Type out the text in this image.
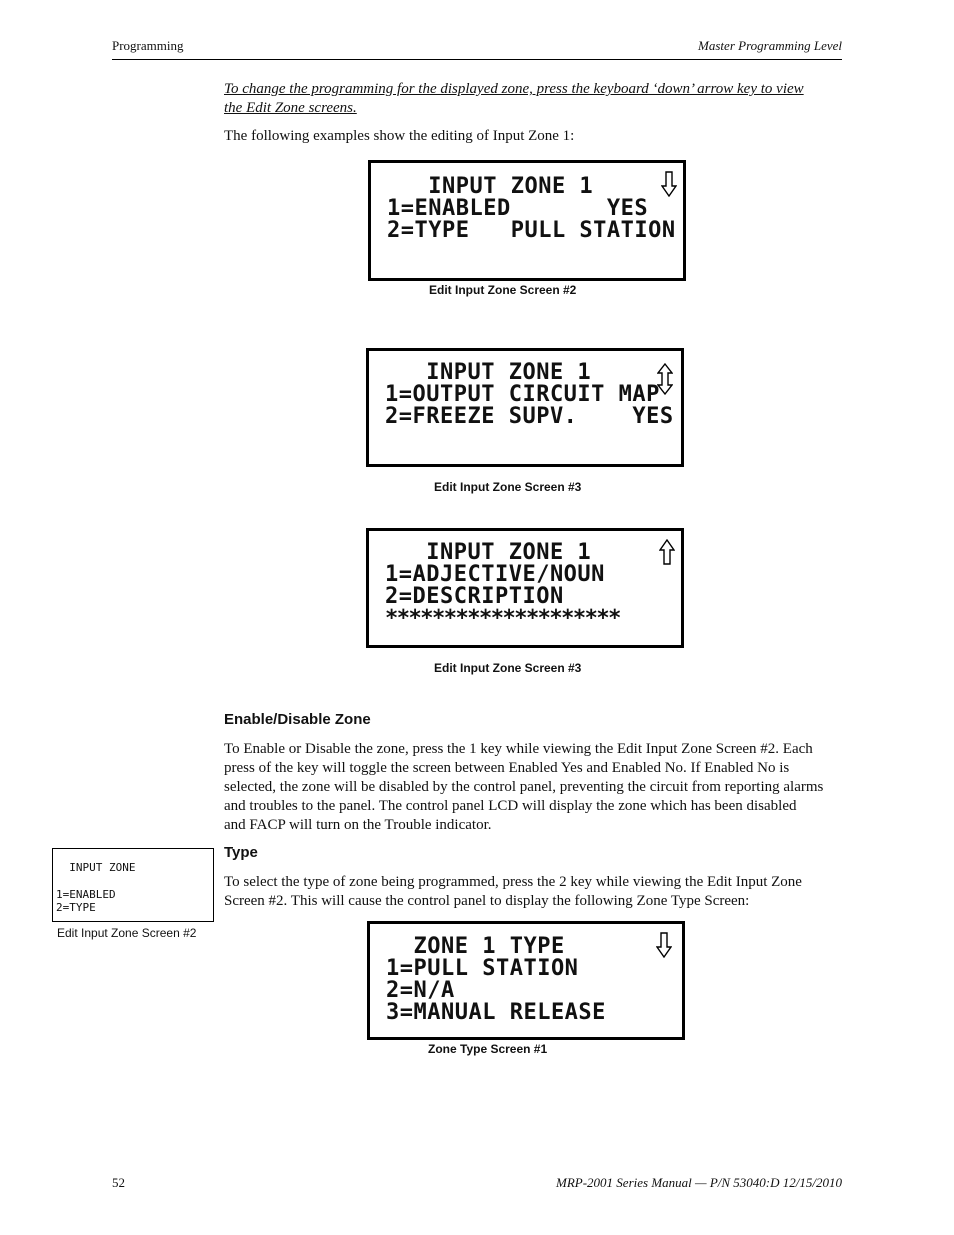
Programming	Master Programming Level
To change the programming for the displayed zone, press the keyboard ‘down’ arrow key to view
the Edit Zone screens.
The following examples show the editing of Input Zone 1:
INPUT ZONE 1
1=ENABLED       YES
2=TYPE   PULL STATION
Edit Input Zone Screen #2
INPUT ZONE 1
1=OUTPUT CIRCUIT MAP
2=FREEZE SUPV.    YES
Edit Input Zone Screen #3
INPUT ZONE 1
1=ADJECTIVE/NOUN
2=DESCRIPTION
********************
Edit Input Zone Screen #3
Enable/Disable Zone
To Enable or Disable the zone, press the 1 key while viewing the Edit Input Zone Screen #2. Each
press of the key will toggle the screen between Enabled Yes and Enabled No. If Enabled No is
selected, the zone will be disabled by the control panel, preventing the circuit from reporting alarms
and troubles to the panel. The control panel LCD will display the zone which has been disabled
and FACP will turn on the Trouble indicator.
INPUT ZONE
1=ENABLED
2=TYPE
Edit Input Zone Screen #2
Type
To select the type of zone being programmed, press the 2 key while viewing the Edit Input Zone
Screen #2. This will cause the control panel to display the following Zone Type Screen:
ZONE 1 TYPE
1=PULL STATION
2=N/A
3=MANUAL RELEASE
Zone Type Screen #1
52	MRP-2001 Series Manual — P/N 53040:D 12/15/2010
